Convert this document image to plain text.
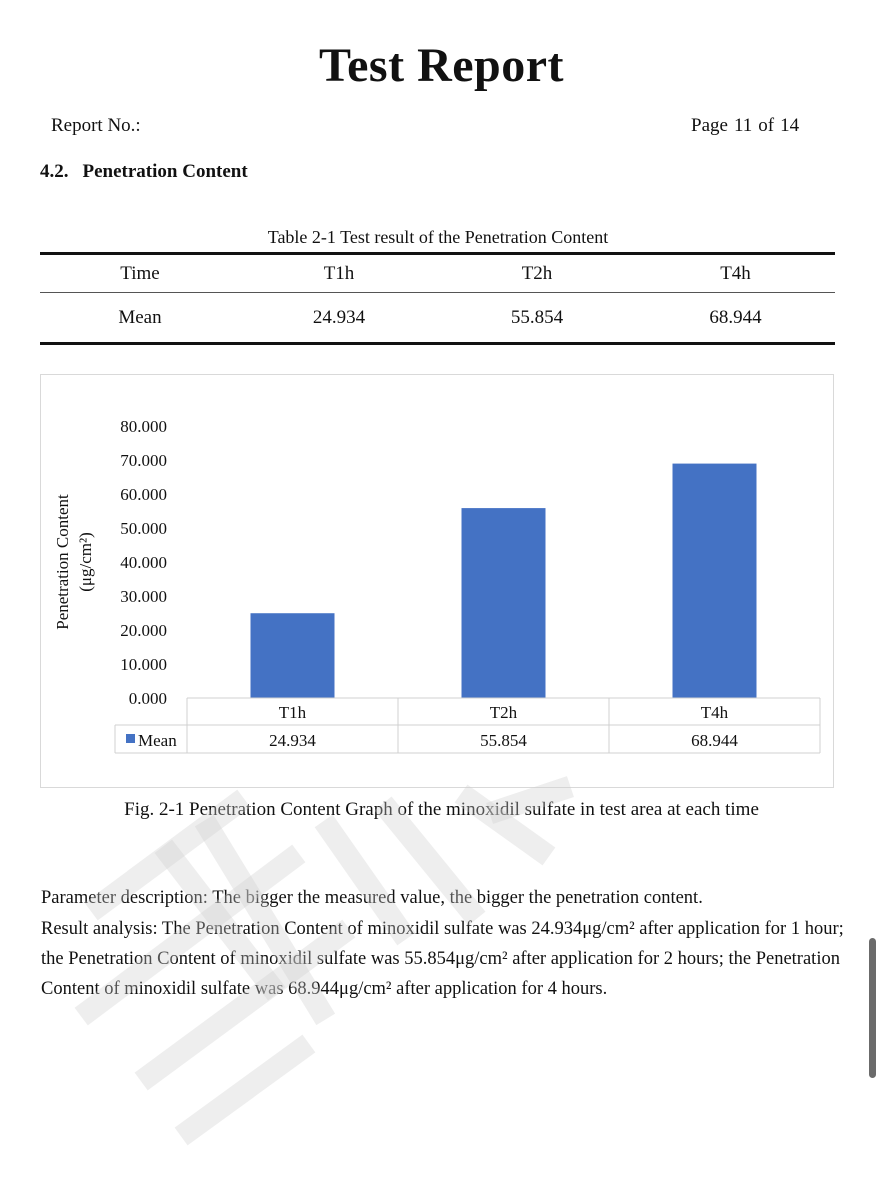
Test Report
Report No.:	Page 11 of 14
4.2. Penetration Content
Table 2-1 Test result of the Penetration Content
Time	T1h	T2h	T4h
Mean	24.934	55.854	68.944
0.000
10.000
20.000
30.000
40.000
50.000
60.000
70.000
80.000
Penetration Content (μg/cm²)
T1h
24.934
T2h
55.854
T4h
68.944
Mean
Fig. 2-1 Penetration Content Graph of the minoxidil sulfate in test area at each time

Parameter description: The bigger the measured value, the bigger the penetration content.

Result analysis: The Penetration Content of minoxidil sulfate was 24.934μg/cm² after application for 1 hour; the Penetration Content of minoxidil sulfate was 55.854μg/cm² after application for 2 hours; the Penetration Content of minoxidil sulfate was 68.944μg/cm² after application for 4 hours.
